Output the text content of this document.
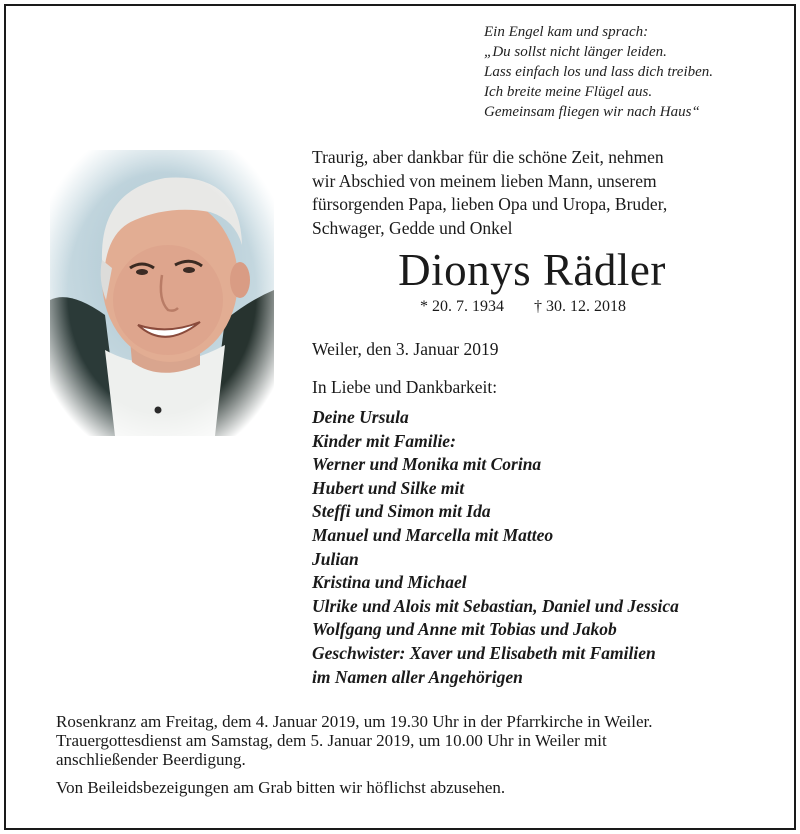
Ein Engel kam und sprach:
„Du sollst nicht länger leiden.
Lass einfach los und lass dich treiben.
Ich breite meine Flügel aus.
Gemeinsam fliegen wir nach Haus“
Traurig, aber dankbar für die schöne Zeit, nehmen
wir Abschied von meinem lieben Mann, unserem
fürsorgenden Papa, lieben Opa und Uropa, Bruder,
Schwager, Gedde und Onkel
Dionys Rädler
* 20. 7. 1934 † 30. 12. 2018
Weiler, den 3. Januar 2019
In Liebe und Dankbarkeit:
Deine Ursula
Kinder mit Familie:
Werner und Monika mit Corina
Hubert und Silke mit
Steffi und Simon mit Ida
Manuel und Marcella mit Matteo
Julian
Kristina und Michael
Ulrike und Alois mit Sebastian, Daniel und Jessica
Wolfgang und Anne mit Tobias und Jakob
Geschwister: Xaver und Elisabeth mit Familien
im Namen aller Angehörigen
Rosenkranz am Freitag, dem 4. Januar 2019, um 19.30 Uhr in der Pfarrkirche in Weiler.
Trauergottesdienst am Samstag, dem 5. Januar 2019, um 10.00 Uhr in Weiler mit
anschließender Beerdigung.
Von Beileidsbezeigungen am Grab bitten wir höflichst abzusehen.
